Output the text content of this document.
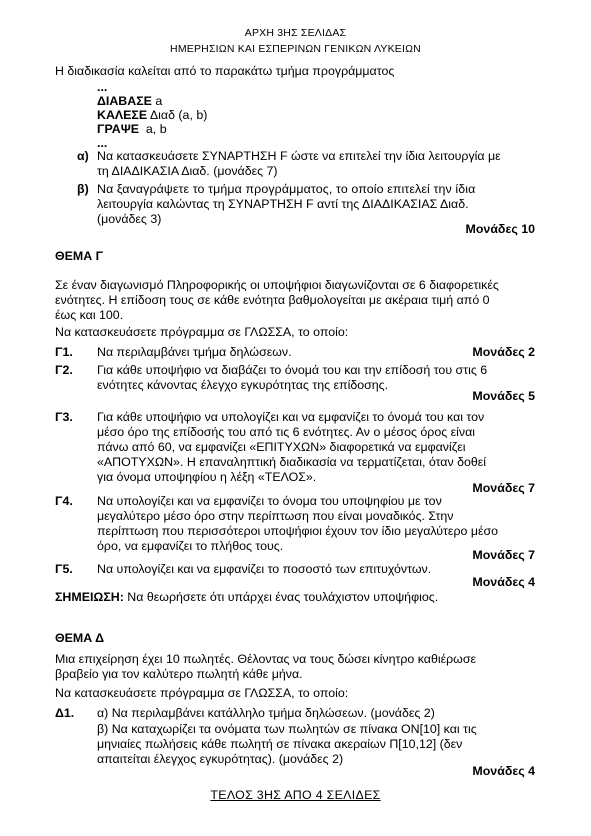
ΑΡΧΗ 3ΗΣ ΣΕΛΙΔΑΣ
ΗΜΕΡΗΣΙΩΝ ΚΑΙ ΕΣΠΕΡΙΝΩΝ ΓΕΝΙΚΩΝ ΛΥΚΕΙΩΝ
Η διαδικασία καλείται από το παρακάτω τμήμα προγράμματος
...
ΔΙΑΒΑΣΕ a
ΚΑΛΕΣΕ Διαδ (a, b)
ΓΡΑΨΕ  a, b
...
α) Να κατασκευάσετε ΣΥΝΑΡΤΗΣΗ F ώστε να επιτελεί την ίδια λειτουργία με
τη ΔΙΑΔΙΚΑΣΙΑ Διαδ. (μονάδες 7)
β) Να ξαναγράψετε το τμήμα προγράμματος, το οποίο επιτελεί την ίδια
λειτουργία καλώντας τη ΣΥΝΑΡΤΗΣΗ F αντί της ΔΙΑΔΙΚΑΣΙΑΣ Διαδ.
(μονάδες 3)
Μονάδες 10
ΘΕΜΑ Γ
Σε έναν διαγωνισμό Πληροφορικής οι υποψήφιοι διαγωνίζονται σε 6 διαφορετικές
ενότητες. Η επίδοση τους σε κάθε ενότητα βαθμολογείται με ακέραια τιμή από 0
έως και 100.
Να κατασκευάσετε πρόγραμμα σε ΓΛΩΣΣΑ, το οποίο:
Γ1. Να περιλαμβάνει τμήμα δηλώσεων.	Μονάδες 2
Γ2. Για κάθε υποψήφιο να διαβάζει το όνομά του και την επίδοσή του στις 6
ενότητες κάνοντας έλεγχο εγκυρότητας της επίδοσης.
Μονάδες 5
Γ3. Για κάθε υποψήφιο να υπολογίζει και να εμφανίζει το όνομά του και τον
μέσο όρο της επίδοσής του από τις 6 ενότητες. Αν ο μέσος όρος είναι
πάνω από 60, να εμφανίζει «ΕΠΙΤΥΧΩΝ» διαφορετικά να εμφανίζει
«ΑΠΟΤΥΧΩΝ». Η επαναληπτική διαδικασία να τερματίζεται, όταν δοθεί
για όνομα υποψηφίου η λέξη «ΤΕΛΟΣ».
Μονάδες 7
Γ4. Να υπολογίζει και να εμφανίζει το όνομα του υποψηφίου με τον
μεγαλύτερο μέσο όρο στην περίπτωση που είναι μοναδικός. Στην
περίπτωση που περισσότεροι υποψήφιοι έχουν τον ίδιο μεγαλύτερο μέσο
όρο, να εμφανίζει το πλήθος τους.
Μονάδες 7
Γ5. Να υπολογίζει και να εμφανίζει το ποσοστό των επιτυχόντων.
Μονάδες 4
ΣΗΜΕΙΩΣΗ: Να θεωρήσετε ότι υπάρχει ένας τουλάχιστον υποψήφιος.
ΘΕΜΑ Δ
Μια επιχείρηση έχει 10 πωλητές. Θέλοντας να τους δώσει κίνητρο καθιέρωσε
βραβείο για τον καλύτερο πωλητή κάθε μήνα.
Να κατασκευάσετε πρόγραμμα σε ΓΛΩΣΣΑ, το οποίο:
Δ1. α) Να περιλαμβάνει κατάλληλο τμήμα δηλώσεων. (μονάδες 2)
β) Να καταχωρίζει τα ονόματα των πωλητών σε πίνακα ΟΝ[10] και τις
μηνιαίες πωλήσεις κάθε πωλητή σε πίνακα ακεραίων Π[10,12] (δεν
απαιτείται έλεγχος εγκυρότητας). (μονάδες 2)
Μονάδες 4
ΤΕΛΟΣ 3ΗΣ ΑΠΟ 4 ΣΕΛΙΔΕΣ
